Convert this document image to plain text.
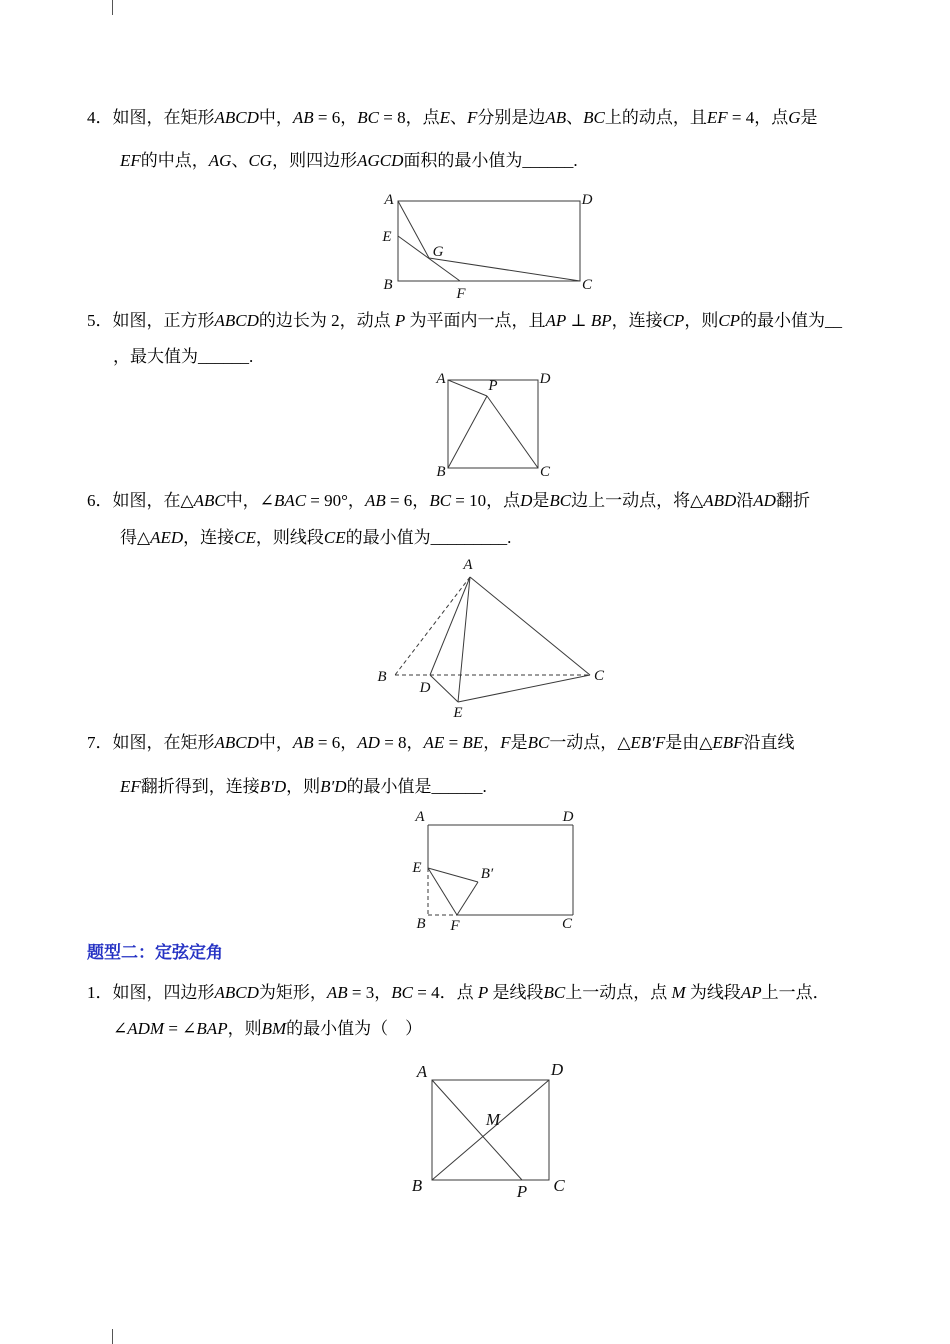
4．如图，在矩形ABCD中，AB = 6，BC = 8，点E、F分别是边AB、BC上的动点，且EF = 4，点G是
EF的中点，AG、CG，则四边形AGCD面积的最小值为______.
A	D
B	C
E
F
G
5．如图，正方形ABCD的边长为 2，动点 P 为平面内一点，且AP ⊥ BP，连接CP，则CP的最小值为__
，最大值为______.
A	D
B	C
P
6．如图，在△ABC中，∠BAC = 90°，AB = 6，BC = 10，点D是BC边上一动点，将△ABD沿AD翻折
得△AED，连接CE，则线段CE的最小值为_________.
A
B
D
E
C
7．如图，在矩形ABCD中，AB = 6，AD = 8，AE = BE，F是BC一动点，△EB′F是由△EBF沿直线
EF翻折得到，连接B′D，则B′D的最小值是______.
A	D
B	C
E
F
B′
题型二：定弦定角
1．如图，四边形ABCD为矩形，AB = 3，BC = 4．点 P 是线段BC上一动点，点 M 为线段AP上一点．
∠ADM = ∠BAP，则BM的最小值为（　）
A	D
B	C
M
P
